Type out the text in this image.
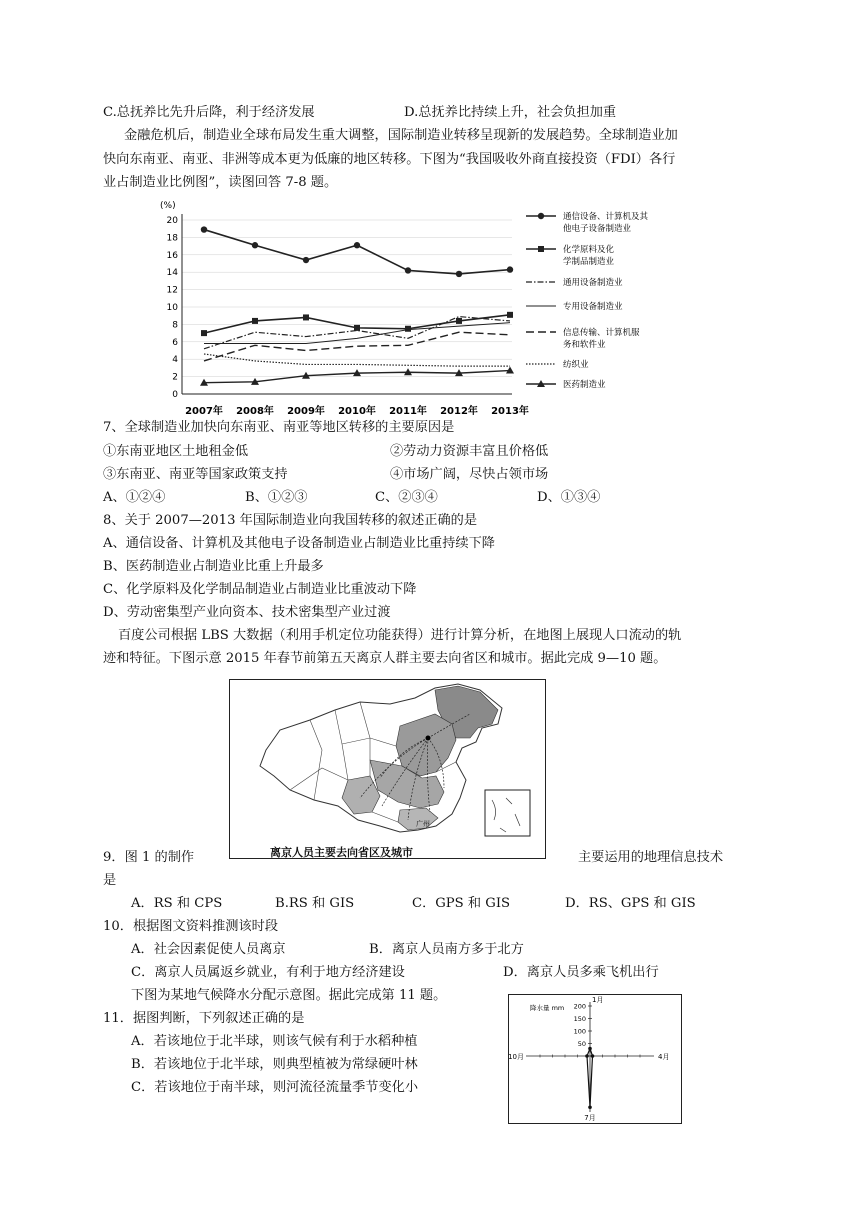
C.总抚养比先升后降，利于经济发展	D.总抚养比持续上升，社会负担加重
金融危机后，制造业全球布局发生重大调整，国际制造业转移呈现新的发展趋势。全球制造业加
快向东南亚、南亚、非洲等成本更为低廉的地区转移。下图为“我国吸收外商直接投资（FDI）各行
业占制造业比例图”，读图回答 7-8 题。
(%)
0
2
4
6
8
10
12
14
16
18
20
2007年 2008年 2009年 2010年 2011年 2012年 2013年
通信设备、计算机及其
他电子设备制造业
化学原料及化
学制品制造业
通用设备制造业
专用设备制造业
信息传输、计算机服
务和软件业
纺织业
医药制造业
7、全球制造业加快向东南亚、南亚等地区转移的主要原因是
①东南亚地区土地租金低	②劳动力资源丰富且价格低
③东南亚、南亚等国家政策支持	④市场广阔，尽快占领市场
A、①②④	B、①②③	C、②③④	D、①③④
8、关于 2007—2013 年国际制造业向我国转移的叙述正确的是
A、通信设备、计算机及其他电子设备制造业占制造业比重持续下降
B、医药制造业占制造业比重上升最多
C、化学原料及化学制品制造业占制造业比重波动下降
D、劳动密集型产业向资本、技术密集型产业过渡
百度公司根据 LBS 大数据（利用手机定位功能获得）进行计算分析，在地图上展现人口流动的轨
迹和特征。下图示意 2015 年春节前第五天离京人群主要去向省区和城市。据此完成 9—10 题。
广州
离京人员主要去向省区及城市
9．图 1 的制作	主要运用的地理信息技术
是
A．RS 和 CPS	B.RS 和 GIS	C．GPS 和 GIS	D．RS、GPS 和 GIS
10．根据图文资料推测该时段
A．社会因素促使人员离京	B．离京人员南方多于北方
C．离京人员属返乡就业，有利于地方经济建设	D．离京人员多乘飞机出行
下图为某地气候降水分配示意图。据此完成第 11 题。
11．据图判断，下列叙述正确的是
A．若该地位于北半球，则该气候有利于水稻种植
B．若该地位于北半球，则典型植被为常绿硬叶林
C．若该地位于南半球，则河流径流量季节变化小
降水量 mm 200
150
100
50
1月
4月
7月
10月
